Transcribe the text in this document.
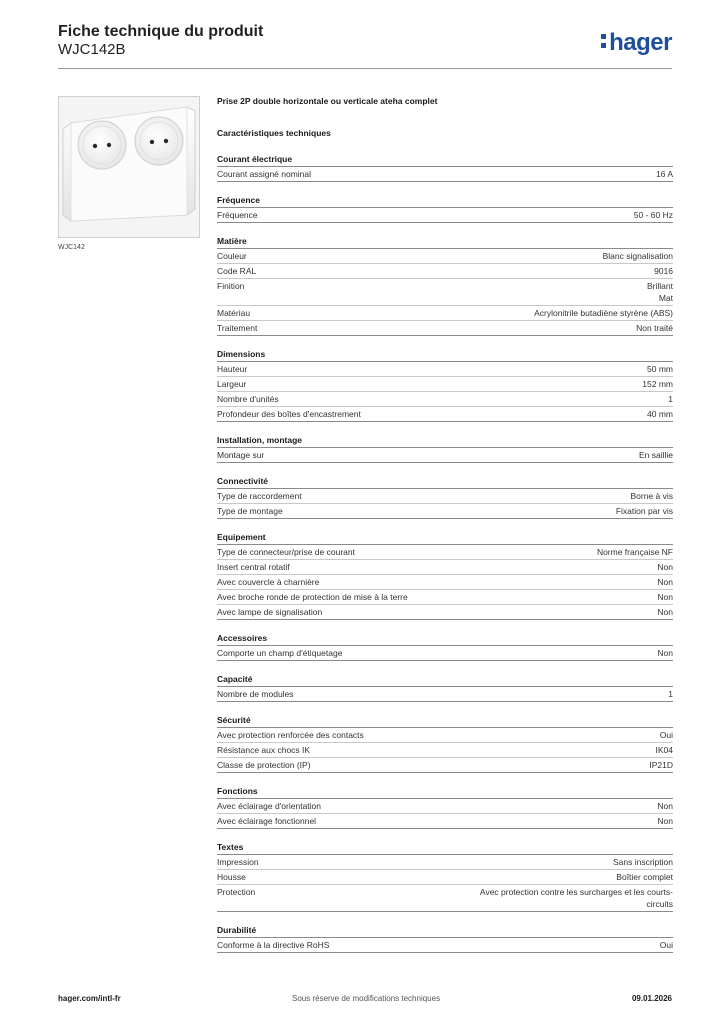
Fiche technique du produit
WJC142B	hager
WJC142
Prise 2P double horizontale ou verticale ateha complet
Caractéristiques techniques
Courant électrique
Courant assigné nominal	16 A
Fréquence
Fréquence	50 - 60 Hz
Matière
Couleur	Blanc signalisation
Code RAL	9016
Finition	Brillant
Mat
Matériau	Acrylonitrile butadiène styrène (ABS)
Traitement	Non traité
Dimensions
Hauteur	50 mm
Largeur	152 mm
Nombre d'unités	1
Profondeur des boîtes d'encastrement	40 mm
Installation, montage
Montage sur	En saillie
Connectivité
Type de raccordement	Borne à vis
Type de montage	Fixation par vis
Equipement
Type de connecteur/prise de courant	Norme française NF
Insert central rotatif	Non
Avec couvercle à charnière	Non
Avec broche ronde de protection de mise à la terre	Non
Avec lampe de signalisation	Non
Accessoires
Comporte un champ d'étiquetage	Non
Capacité
Nombre de modules	1
Sécurité
Avec protection renforcée des contacts	Oui
Résistance aux chocs IK	IK04
Classe de protection (IP)	IP21D
Fonctions
Avec éclairage d'orientation	Non
Avec éclairage fonctionnel	Non
Textes
Impression	Sans inscription
Housse	Boîtier complet
Protection	Avec protection contre les surcharges et les courts-
circuits
Durabilité
Conforme à la directive RoHS	Oui
hager.com/intl-fr	Sous réserve de modifications techniques	09.01.2026
